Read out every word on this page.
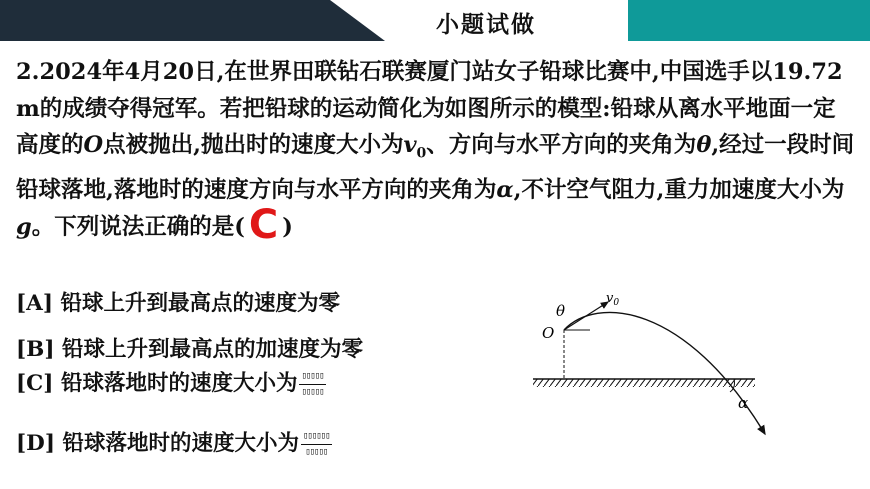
小题试做

2.2024年4月20日,在世界田联钻石联赛厦门站女子铅球比赛中,中国选手以19.72 m的成绩夺得冠军。若把铅球的运动简化为如图所示的模型:铅球从离水平地面一定高度的O点被抛出,抛出时的速度大小为$v_0$、方向与水平方向的夹角为θ,经过一段时间铅球落地,落地时的速度方向与水平方向的夹角为α,不计空气阻力,重力加速度大小为g。下列说法正确的是( C )

[A] 铅球上升到最高点的速度为零
[B] 铅球上升到最高点的加速度为零
[C] 铅球落地时的速度大小为 $\frac{▯▯▯▯▯}{▯▯▯▯▯}$
[D] 铅球落地时的速度大小为 $\frac{▯▯▯▯▯▯}{▯▯▯▯▯}$
O
θ
$v_0$
α
